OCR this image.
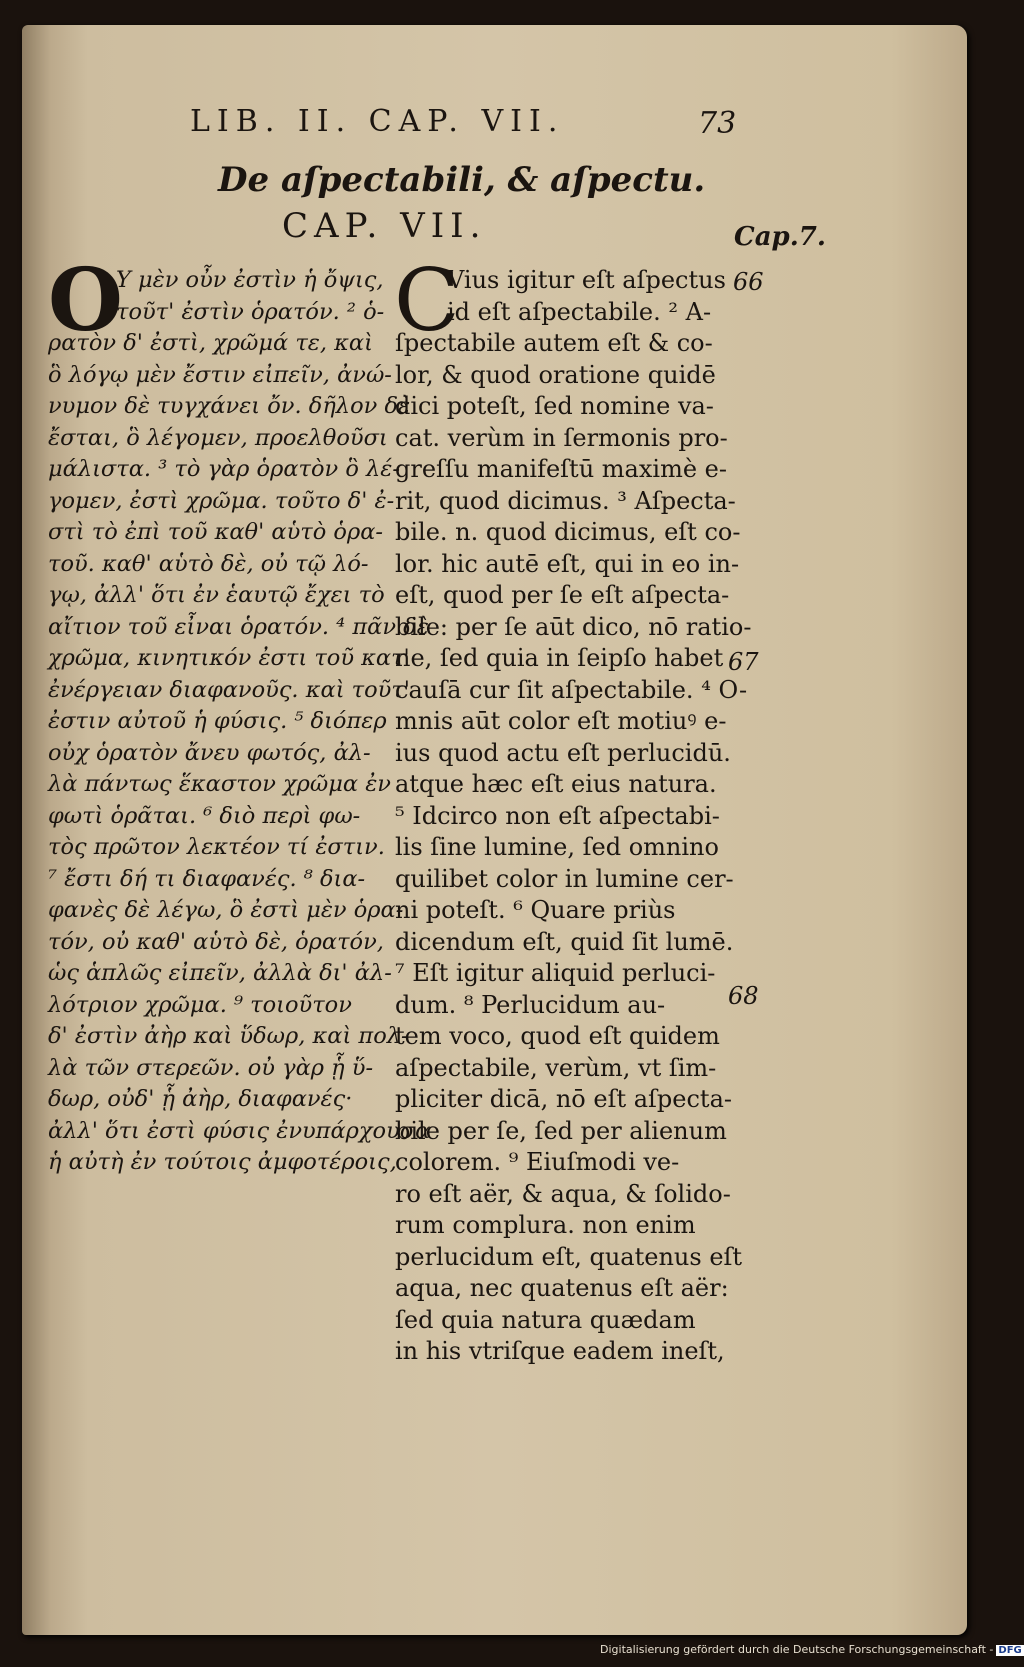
LIB. II. CAP. VII.	73
De aſpectabili, & aſpectu.
CAP. VII.	Cap.7.
O
Υ μὲν οὖν ἐστὶν ἡ ὄψις,
τοῦτ' ἐστὶν ὁρατόν. ² ὁ-
ρατὸν δ' ἐστὶ, χρῶμά τε, καὶ
ὃ λόγῳ μὲν ἔστιν εἰπεῖν, ἀνώ-
νυμον δὲ τυγχάνει ὄν. δῆλον δὲ
ἔσται, ὃ λέγομεν, προελθοῦσι
μάλιστα. ³ τὸ γὰρ ὁρατὸν ὃ λέ-
γομεν, ἐστὶ χρῶμα. τοῦτο δ' ἐ-
στὶ τὸ ἐπὶ τοῦ καθ' αὑτὸ ὁρα-
τοῦ. καθ' αὑτὸ δὲ, οὐ τῷ λό-
γῳ, ἀλλ' ὅτι ἐν ἑαυτῷ ἔχει τὸ
αἴτιον τοῦ εἶναι ὁρατόν. ⁴ πᾶν δὲ
χρῶμα, κινητικόν ἐστι τοῦ κατ'
ἐνέργειαν διαφανοῦς. καὶ τοῦτ'
ἐστιν αὐτοῦ ἡ φύσις. ⁵ διόπερ
οὐχ ὁρατὸν ἄνευ φωτός, ἀλ-
λὰ πάντως ἕκαστον χρῶμα ἐν
φωτὶ ὁρᾶται. ⁶ διὸ περὶ φω-
τὸς πρῶτον λεκτέον τί ἐστιν.
⁷ ἔστι δή τι διαφανές. ⁸ δια-
φανὲς δὲ λέγω, ὃ ἐστὶ μὲν ὁρα-
τόν, οὐ καθ' αὑτὸ δὲ, ὁρατόν,
ὡς ἁπλῶς εἰπεῖν, ἀλλὰ δι' ἀλ-
λότριον χρῶμα. ⁹ τοιοῦτον
δ' ἐστὶν ἀὴρ καὶ ὕδωρ, καὶ πολ-
λὰ τῶν στερεῶν. οὐ γὰρ ᾗ ὕ-
δωρ, οὐδ' ᾗ ἀὴρ, διαφανές·
ἀλλ' ὅτι ἐστὶ φύσις ἐνυπάρχουσα
ἡ αὐτὴ ἐν τούτοις ἀμφοτέροις,
C
Vius igitur eſt aſpectus
id eſt aſpectabile. ² A-
ſpectabile autem eſt & co-
lor, & quod oratione quidē
dici poteſt, ſed nomine va-
cat. verùm in ſermonis pro-
greſſu manifeſtū maximè e-
rit, quod dicimus. ³ Aſpecta-
bile. n. quod dicimus, eſt co-
lor. hic autē eſt, qui in eo in-
eſt, quod per ſe eſt aſpecta-
bile: per ſe aūt dico, nō ratio-
ne, ſed quia in ſeipſo habet
cauſā cur ſit aſpectabile. ⁴ O-
mnis aūt color eſt motiuꝰ e-
ius quod actu eſt perlucidū.
atque hæc eſt eius natura.
⁵ Idcirco non eſt aſpectabi-
lis ſine lumine, ſed omnino
quilibet color in lumine cer-
ni poteſt. ⁶ Quare priùs
dicendum eſt, quid ſit lumē.
⁷ Eſt igitur aliquid perluci-
dum. ⁸ Perlucidum au-
tem voco, quod eſt quidem
aſpectabile, verùm, vt ſim-
pliciter dicā, nō eſt aſpecta-
bile per ſe, ſed per alienum
colorem. ⁹ Eiuſmodi ve-
ro eſt aër, & aqua, & ſolido-
rum complura. non enim
perlucidum eſt, quatenus eſt
aqua, nec quatenus eſt aër:
ſed quia natura quædam
in his vtriſque eadem ineſt,
66
67
68
Digitalisierung gefördert durch die Deutsche Forschungsgemeinschaft - DFG
